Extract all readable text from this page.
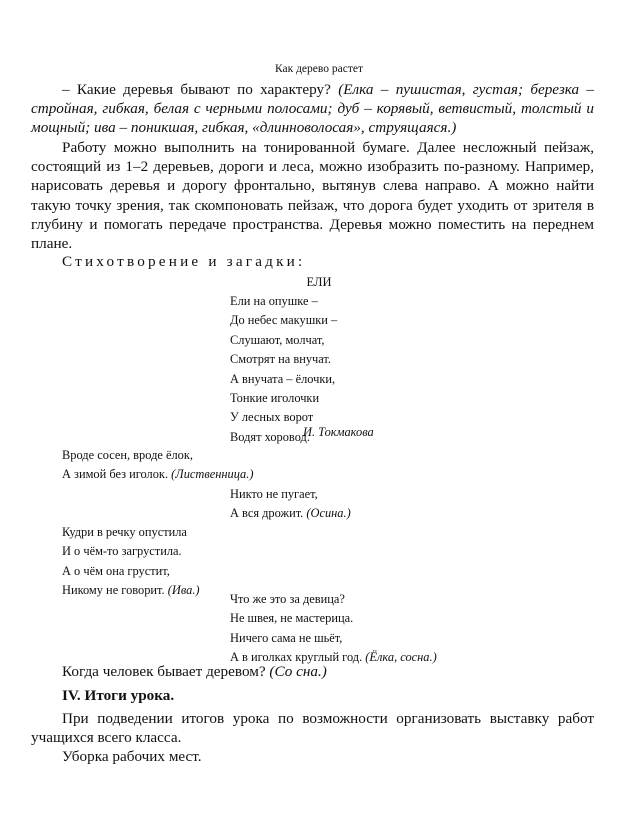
Как дерево растет

– Какие деревья бывают по характеру? (Елка – пушистая, густая; березка – стройная, гибкая, белая с черными полосами; дуб – корявый, ветвистый, толстый и мощный; ива – поникшая, гибкая, «длинноволосая», струящаяся.)

Работу можно выполнить на тонированной бумаге. Далее несложный пейзаж, состоящий из 1–2 деревьев, дороги и леса, можно изобразить по-разному. Например, нарисовать деревья и дорогу фронтально, вытянув слева направо. А можно найти такую точку зрения, так скомпоновать пейзаж, что дорога будет уходить от зрителя в глубину и помогать передаче пространства. Деревья можно поместить на переднем плане.

Стихотворение и загадки:

ЕЛИ
Ели на опушке –
До небес макушки –
Слушают, молчат,
Смотрят на внучат.
А внучата – ёлочки,
Тонкие иголочки
У лесных ворот
Водят хоровод.
И. Токмакова
Вроде сосен, вроде ёлок,
А зимой без иголок. (Лиственница.)
Никто не пугает,
А вся дрожит. (Осина.)
Кудри в речку опустила
И о чём-то загрустила.
А о чём она грустит,
Никому не говорит. (Ива.)
Что же это за девица?
Не швея, не мастерица.
Ничего сама не шьёт,
А в иголках круглый год. (Ёлка, сосна.)

Когда человек бывает деревом? (Со сна.)

IV. Итоги урока.

При подведении итогов урока по возможности организовать выставку работ учащихся всего класса.

Уборка рабочих мест.
